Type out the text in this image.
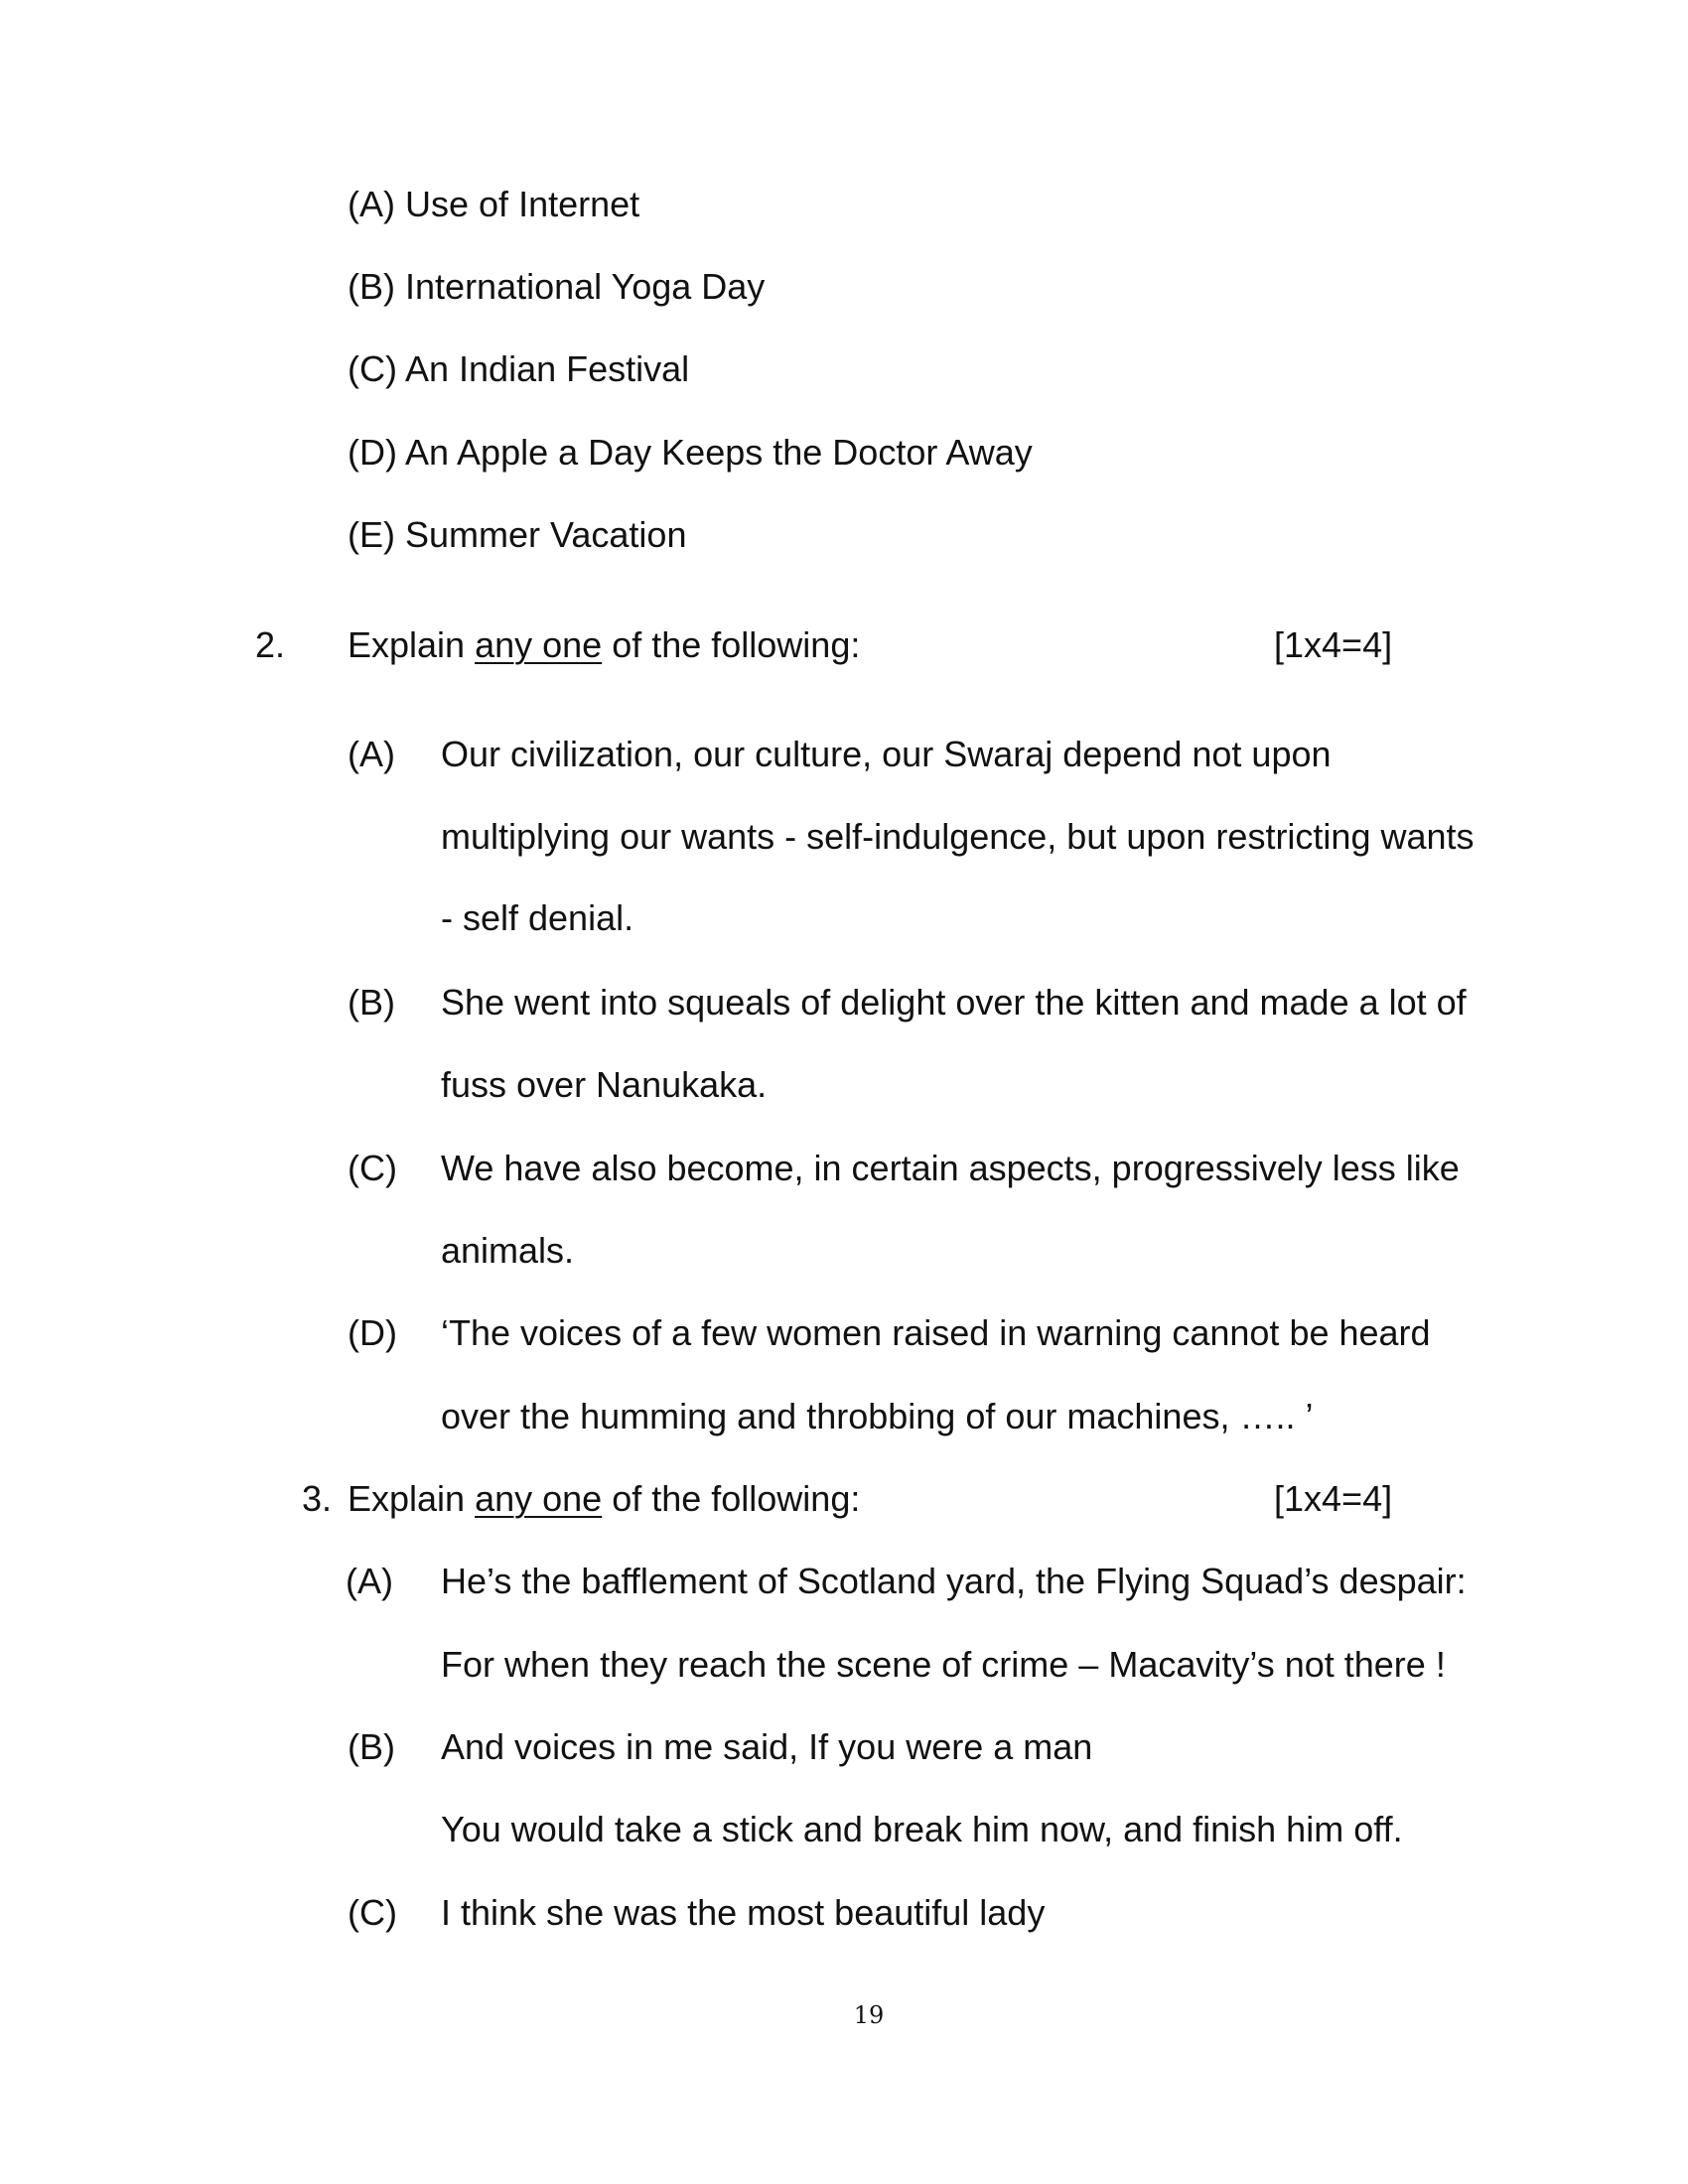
(A) Use of Internet
(B) International Yoga Day
(C) An Indian Festival
(D) An Apple a Day Keeps the Doctor Away
(E) Summer Vacation
2. Explain any one of the following:	[1x4=4]
(A) Our civilization, our culture, our Swaraj depend not upon
multiplying our wants - self-indulgence, but upon restricting wants
- self denial.
(B) She went into squeals of delight over the kitten and made a lot of
fuss over Nanukaka.
(C) We have also become, in certain aspects, progressively less like
animals.
(D) ‘The voices of a few women raised in warning cannot be heard
over the humming and throbbing of our machines, ….. ’
3. Explain any one of the following:	[1x4=4]
(A) He’s the bafflement of Scotland yard, the Flying Squad’s despair:
For when they reach the scene of crime – Macavity’s not there !
(B) And voices in me said, If you were a man
You would take a stick and break him now, and finish him off.
(C) I think she was the most beautiful lady
19
